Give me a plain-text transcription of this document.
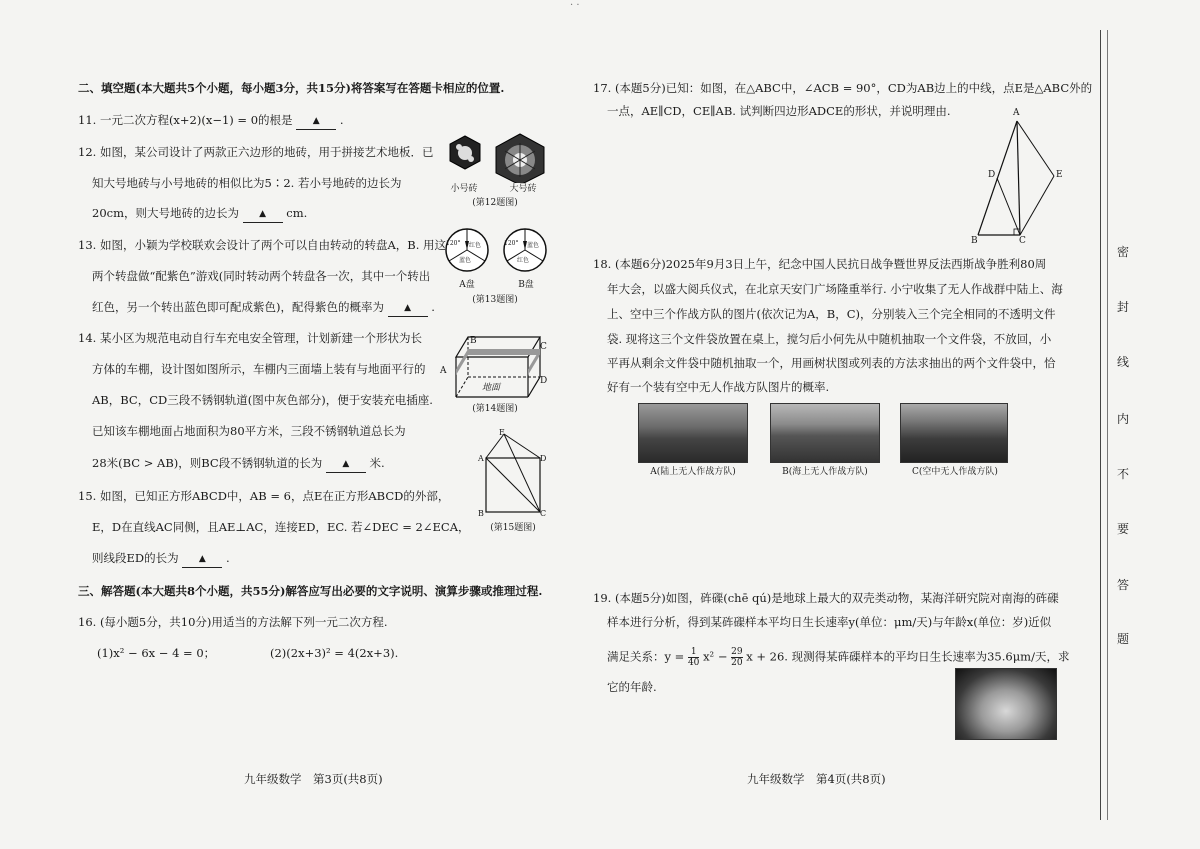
· ·
二、填空题(本大题共5个小题，每小题3分，共15分)将答案写在答题卡相应的位置.
11. 一元二次方程(x+2)(x−1) = 0的根是 ▲ .
12. 如图，某公司设计了两款正六边形的地砖，用于拼接艺术地板．已
知大号地砖与小号地砖的相似比为5∶2. 若小号地砖的边长为
20cm，则大号地砖的边长为 ▲ cm.
小号砖	大号砖
(第12题图)
13. 如图，小颖为学校联欢会设计了两个可以自由转动的转盘A，B. 用这
两个转盘做“配紫色”游戏(同时转动两个转盘各一次，其中一个转出
红色，另一个转出蓝色即可配成紫色)，配得紫色的概率为 ▲ .
120° 红色
蓝色
120° 蓝色
红色
A盘	B盘
(第13题图)
14. 某小区为规范电动自行车充电安全管理，计划新建一个形状为长
方体的车棚，设计图如图所示，车棚内三面墙上装有与地面平行的
AB，BC，CD三段不锈钢轨道(图中灰色部分)，便于安装充电插座.
已知该车棚地面占地面积为80平方米，三段不锈钢轨道总长为
28米(BC > AB)，则BC段不锈钢轨道的长为 ▲ 米.
A
B
C
D
地面
(第14题图)
15. 如图，已知正方形ABCD中，AB = 6，点E在正方形ABCD的外部，
E，D在直线AC同侧，且AE⊥AC，连接ED，EC. 若∠DEC = 2∠ECA，
则线段ED的长为 ▲ .
E
A	D
B	C
(第15题图)
三、解答题(本大题共8个小题，共55分)解答应写出必要的文字说明、演算步骤或推理过程.
16. (每小题5分，共10分)用适当的方法解下列一元二次方程.
(1)x² − 6x − 4 = 0；	(2)(2x+3)² = 4(2x+3).
九年级数学　第3页(共8页)
17. (本题5分)已知：如图，在△ABC中，∠ACB = 90°，CD为AB边上的中线，点E是△ABC外的
一点，AE∥CD，CE∥AB. 试判断四边形ADCE的形状，并说明理由.	A
D	E
B	C
18. (本题6分)2025年9月3日上午，纪念中国人民抗日战争暨世界反法西斯战争胜利80周
年大会，以盛大阅兵仪式，在北京天安门广场隆重举行. 小宁收集了无人作战群中陆上、海
上、空中三个作战方队的图片(依次记为A，B，C)，分别装入三个完全相同的不透明文件
袋. 现将这三个文件袋放置在桌上，搅匀后小何先从中随机抽取一个文件袋，不放回，小
平再从剩余文件袋中随机抽取一个，用画树状图或列表的方法求抽出的两个文件袋中，恰
好有一个装有空中无人作战方队图片的概率.
A(陆上无人作战方队)	B(海上无人作战方队)	C(空中无人作战方队)
19. (本题5分)如图，砗磲(chē qú)是地球上最大的双壳类动物，某海洋研究院对南海的砗磲
样本进行分析，得到某砗磲样本平均日生长速率y(单位：μm/天)与年龄x(单位：岁)近似
满足关系：$y = \frac{1}{40} x^2 - \frac{29}{20}$ x + 26. 现测得某砗磲样本的平均日生长速率为35.6μm/天，求
它的年龄.
九年级数学　第4页(共8页)
密
封
线
内
不
要
答
题
